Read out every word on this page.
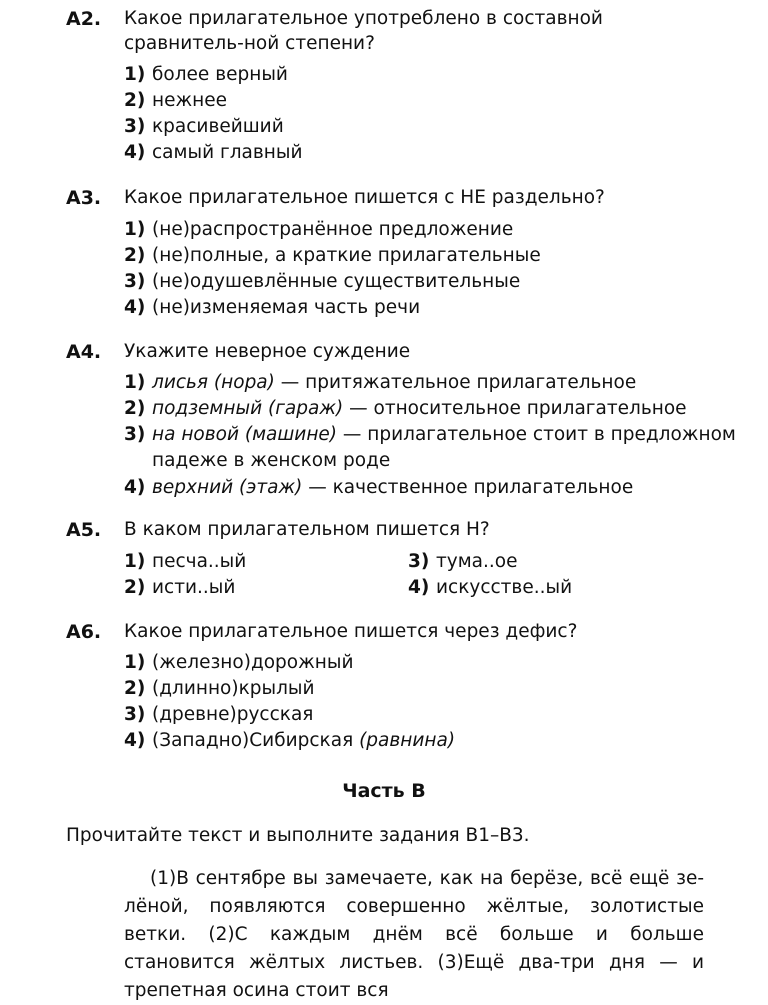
А2. Какое прилагательное употреблено в составной сравнитель-ной степени?
1) более верный
2) нежнее
3) красивейший
4) самый главный
А3. Какое прилагательное пишется с НЕ раздельно?
1) (не)распространённое предложение
2) (не)полные, а краткие прилагательные
3) (не)одушевлённые существительные
4) (не)изменяемая часть речи
А4. Укажите неверное суждение
1) лисья (нора) — притяжательное прилагательное
2) подземный (гараж) — относительное прилагательное
3) на новой (машине) — прилагательное стоит в предложном
падеже в женском роде
4) верхний (этаж) — качественное прилагательное
А5. В каком прилагательном пишется Н?
1) песча..ый
2) исти..ый
3) тума..ое
4) искусстве..ый
А6. Какое прилагательное пишется через дефис?
1) (железно)дорожный
2) (длинно)крылый
3) (древне)русская
4) (Западно)Сибирская (равнина)
Часть В
Прочитайте текст и выполните задания В1–В3.
(1)В сентябре вы замечаете, как на берёзе, всё ещё зе-лёной, появляются совершенно жёлтые, золотистые ветки. (2)С каждым днём всё больше и больше становится жёлтых листьев. (3)Ещё два-три дня — и трепетная осина стоит вся
